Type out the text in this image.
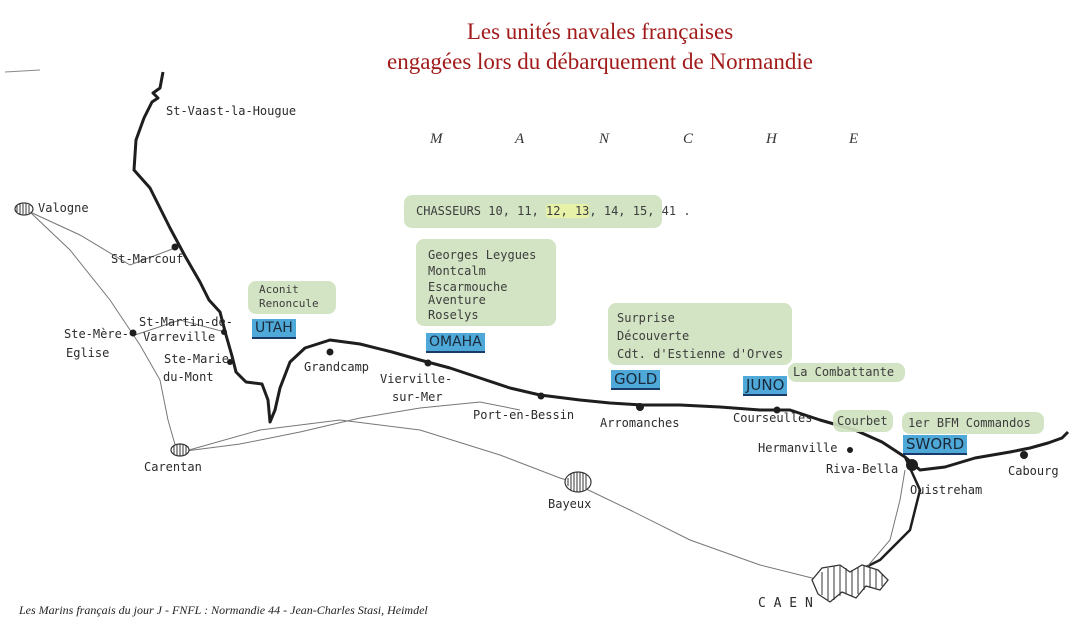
Les unités navales françaises
engagées lors du débarquement de Normandie
M	A	N	C	H	E
St-Vaast-la-Hougue
Valogne
St-Marcouf
St-Martin-de-
Varreville
Ste-Mère-
Eglise	Ste-Marie-
du-Mont
Grandcamp
Vierville-
sur-Mer
Port-en-Bessin
Arromanches	Courseulles
Hermanville
Riva-Bella
Ouistreham
Cabourg
Carentan
Bayeux
C A E N
CHASSEURS 10, 11, 12, 13, 14, 15, 41 .
Aconit
Renoncule
Georges Leygues
Montcalm
Escarmouche
Aventure
Roselys	Surprise
Découverte
Cdt. d'Estienne d'Orves
La Combattante
Courbet	1er BFM Commandos
UTAH
OMAHA
GOLD	JUNO
SWORD
Les Marins français du jour J - FNFL : Normandie 44 - Jean-Charles Stasi, Heimdel
